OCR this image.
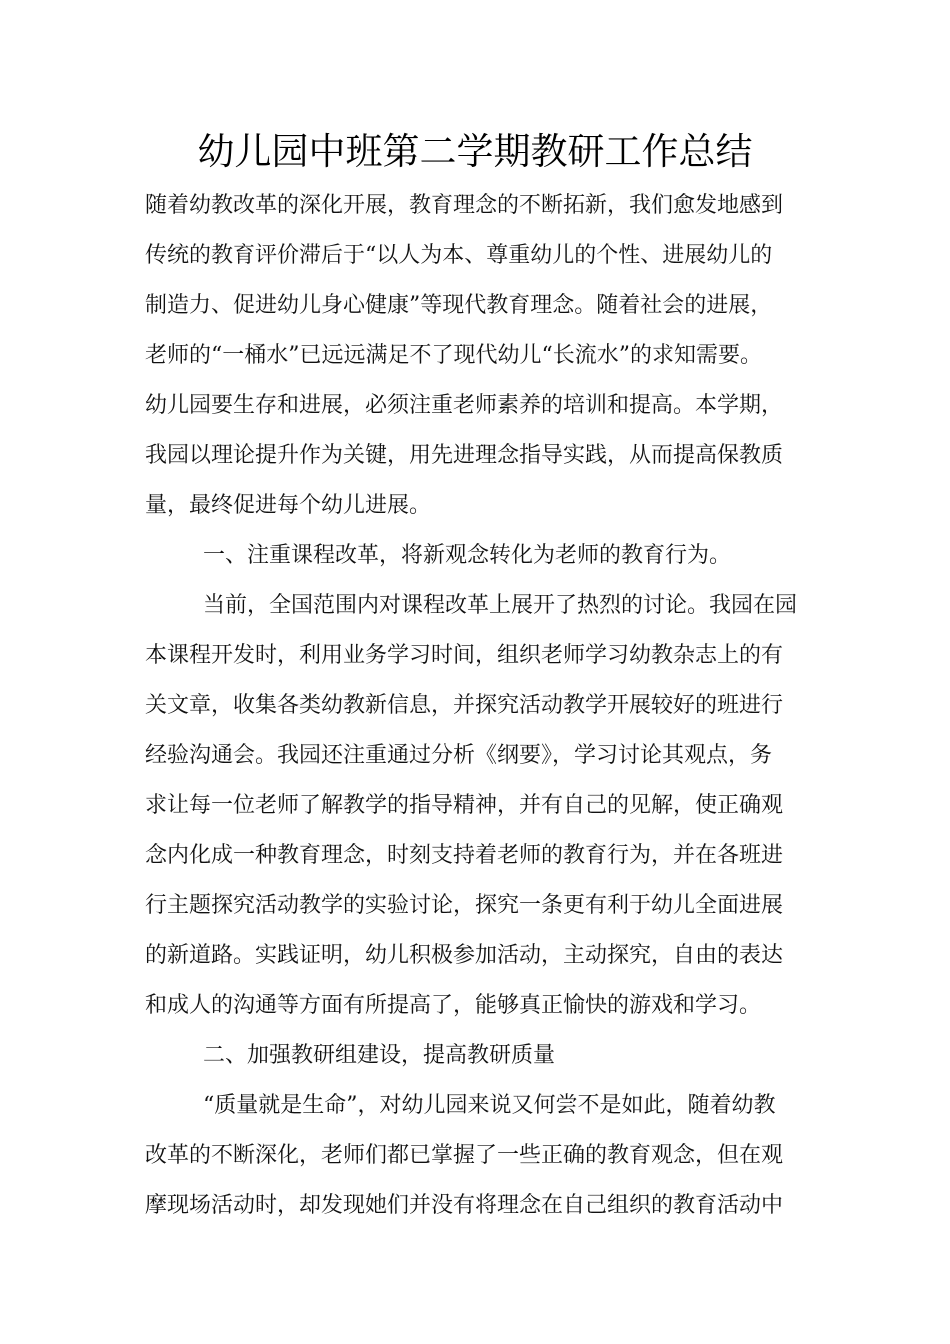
幼儿园中班第二学期教研工作总结
随着幼教改革的深化开展，教育理念的不断拓新，我们愈发地感到
传统的教育评价滞后于“以人为本、尊重幼儿的个性、进展幼儿的
制造力、促进幼儿身心健康”等现代教育理念。随着社会的进展，
老师的“一桶水”已远远满足不了现代幼儿“长流水”的求知需要。
幼儿园要生存和进展，必须注重老师素养的培训和提高。本学期，
我园以理论提升作为关键，用先进理念指导实践，从而提高保教质
量，最终促进每个幼儿进展。
一、注重课程改革，将新观念转化为老师的教育行为。
当前，全国范围内对课程改革上展开了热烈的讨论。我园在园
本课程开发时，利用业务学习时间，组织老师学习幼教杂志上的有
关文章，收集各类幼教新信息，并探究活动教学开展较好的班进行
经验沟通会。我园还注重通过分析《纲要》，学习讨论其观点，务
求让每一位老师了解教学的指导精神，并有自己的见解，使正确观
念内化成一种教育理念，时刻支持着老师的教育行为，并在各班进
行主题探究活动教学的实验讨论，探究一条更有利于幼儿全面进展
的新道路。实践证明，幼儿积极参加活动，主动探究，自由的表达
和成人的沟通等方面有所提高了，能够真正愉快的游戏和学习。
二、加强教研组建设，提高教研质量
“质量就是生命”，对幼儿园来说又何尝不是如此，随着幼教
改革的不断深化，老师们都已掌握了一些正确的教育观念，但在观
摩现场活动时，却发现她们并没有将理念在自己组织的教育活动中
